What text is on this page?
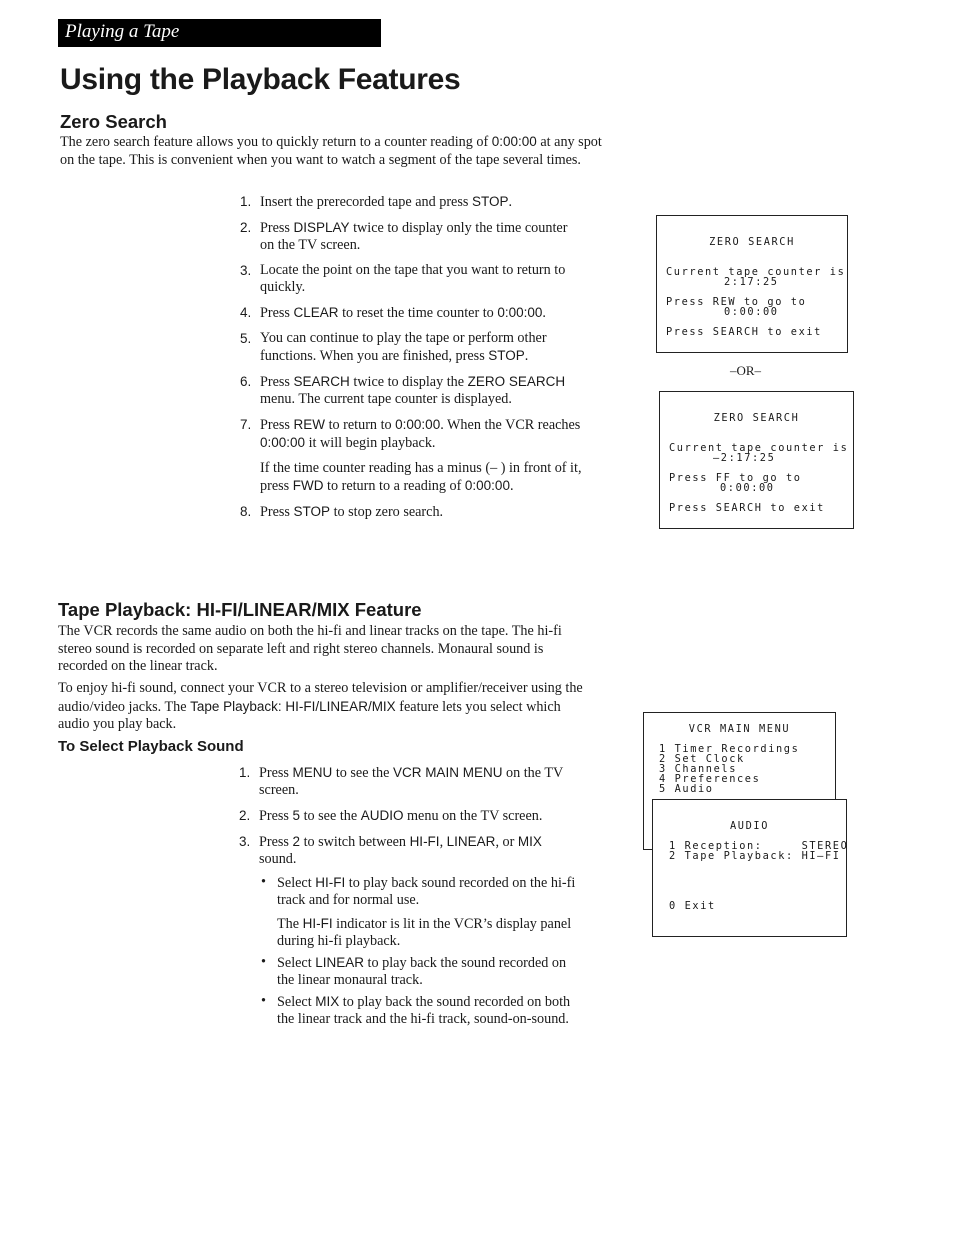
Playing a Tape
Using the Playback Features
Zero Search

The zero search feature allows you to quickly return to a counter reading of 0:00:00 at any spot on the tape. This is convenient when you want to watch a segment of the tape several times.

1. Insert the prerecorded tape and press STOP.
2. Press DISPLAY twice to display only the time counter on the TV screen.
3. Locate the point on the tape that you want to return to quickly.
4. Press CLEAR to reset the time counter to 0:00:00.
5. You can continue to play the tape or perform other functions. When you are finished, press STOP.
6. Press SEARCH twice to display the ZERO SEARCH menu. The current tape counter is displayed.
7. Press REW to return to 0:00:00. When the VCR reaches 0:00:00 it will begin playback.
If the time counter reading has a minus (– ) in front of it, press FWD to return to a reading of 0:00:00.
8. Press STOP to stop zero search.
ZERO SEARCH
Current tape counter is
2:17:25
Press REW to go to
0:00:00
Press SEARCH to exit
–OR–
ZERO SEARCH
Current tape counter is
–2:17:25
Press FF to go to
0:00:00
Press SEARCH to exit
Tape Playback: HI-FI/LINEAR/MIX Feature

The VCR records the same audio on both the hi-fi and linear tracks on the tape. The hi-fi stereo sound is recorded on separate left and right stereo channels. Monaural sound is recorded on the linear track.

To enjoy hi-fi sound, connect your VCR to a stereo television or amplifier/receiver using the audio/video jacks. The Tape Playback: HI-FI/LINEAR/MIX feature lets you select which audio you play back.

To Select Playback Sound
1. Press MENU to see the VCR MAIN MENU on the TV screen.
2. Press 5 to see the AUDIO menu on the TV screen.
3. Press 2 to switch between HI-FI, LINEAR, or MIX sound.
• Select HI-FI to play back sound recorded on the hi-fi track and for normal use.
The HI-FI indicator is lit in the VCR’s display panel during hi-fi playback.
• Select LINEAR to play back the sound recorded on the linear monaural track.
• Select MIX to play back the sound recorded on both the linear track and the hi-fi track, sound-on-sound.
VCR MAIN MENU
1 Timer Recordings
2 Set Clock
3 Channels
4 Preferences
5 Audio
AUDIO
1 Reception:     STEREO
2 Tape Playback: HI–FI
0 Exit
